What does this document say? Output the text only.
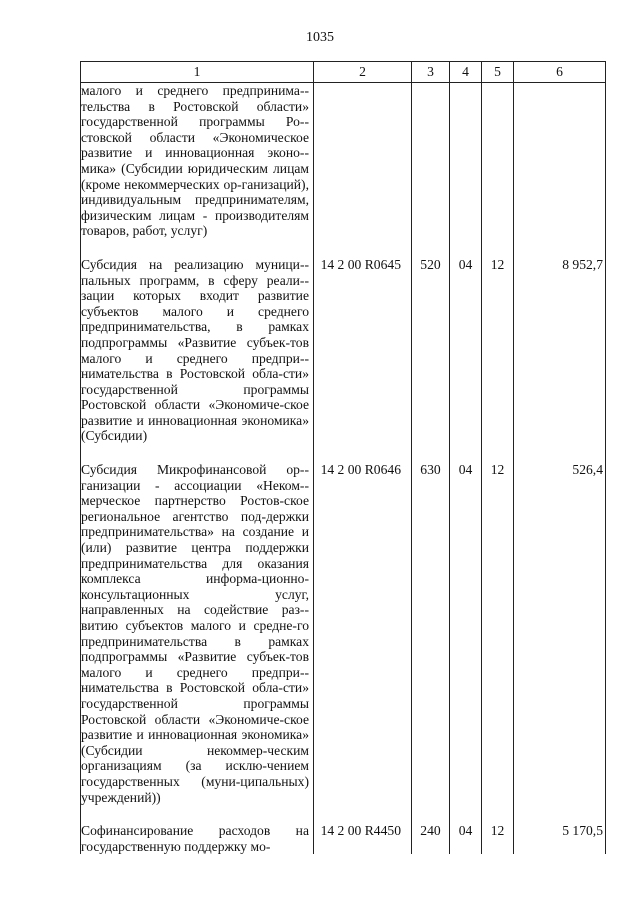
1035
1	2	3	4	5	6
малого и среднего предпринима-тельства в Ростовской области» государственной программы Ро-стовской области «Экономическое развитие и инновационная эконо-мика» (Субсидии юридическим лицам (кроме некоммерческих ор-ганизаций), индивидуальным предпринимателям, физическим лицам - производителям товаров, работ, услуг)					
Субсидия на реализацию муници-пальных программ, в сферу реали-зации которых входит развитие субъектов малого и среднего предпринимательства, в рамках подпрограммы «Развитие субъек-тов малого и среднего предпри-нимательства в Ростовской обла-сти» государственной программы Ростовской области «Экономиче-ское развитие и инновационная экономика» (Субсидии)	14 2 00 R0645	520	04	12	8 952,7
Субсидия Микрофинансовой ор-ганизации - ассоциации «Неком-мерческое партнерство Ростов-ское региональное агентство под-держки предпринимательства» на создание и (или) развитие центра поддержки предпринимательства для оказания комплекса информа-ционно-консультационных услуг, направленных на содействие раз-витию субъектов малого и средне-го предпринимательства в рамках подпрограммы «Развитие субъек-тов малого и среднего предпри-нимательства в Ростовской обла-сти» государственной программы Ростовской области «Экономиче-ское развитие и инновационная экономика» (Субсидии некоммер-ческим организациям (за исклю-чением государственных (муни-ципальных) учреждений))	14 2 00 R0646	630	04	12	526,4
Софинансирование расходов на государственную поддержку мо-	14 2 00 R4450	240	04	12	5 170,5
